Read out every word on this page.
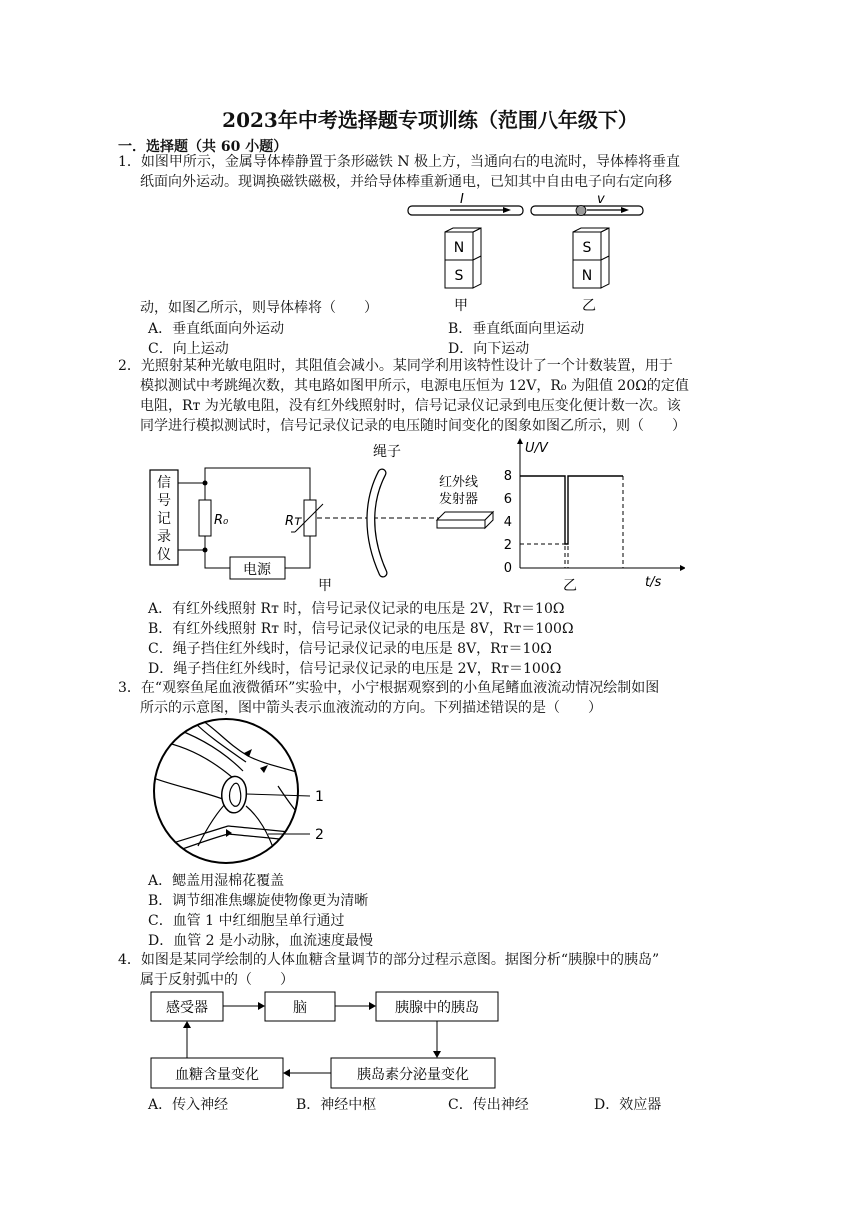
2023年中考选择题专项训练（范围八年级下）
一．选择题（共 60 小题）
1．如图甲所示，金属导体棒静置于条形磁铁 N 极上方，当通向右的电流时，导体棒将垂直
纸面向外运动。现调换磁铁磁极，并给导体棒重新通电，已知其中自由电子向右定向移
I	v
N
S
S
N
甲	乙
动，如图乙所示，则导体棒将（　　）
A．垂直纸面向外运动	B．垂直纸面向里运动
C．向上运动	D．向下运动
2．光照射某种光敏电阻时，其阻值会减小。某同学利用该特性设计了一个计数装置，用于
模拟测试中考跳绳次数，其电路如图甲所示，电源电压恒为 12V，R₀ 为阻值 20Ω的定值
电阻，Rᴛ 为光敏电阻，没有红外线照射时，信号记录仪记录到电压变化便计数一次。该
同学进行模拟测试时，信号记录仪记录的电压随时间变化的图象如图乙所示，则（　　）
信
号
记
录
仪
R₀	Rᴛ
电源
甲
绳子
红外线
发射器
U/V
t/s
8
6
4
2
0
乙
A．有红外线照射 Rᴛ 时，信号记录仪记录的电压是 2V，Rᴛ＝10Ω
B．有红外线照射 Rᴛ 时，信号记录仪记录的电压是 8V，Rᴛ＝100Ω
C．绳子挡住红外线时，信号记录仪记录的电压是 8V，Rᴛ＝10Ω
D．绳子挡住红外线时，信号记录仪记录的电压是 2V，Rᴛ＝100Ω
3．在“观察鱼尾血液微循环”实验中，小宁根据观察到的小鱼尾鳍血液流动情况绘制如图
所示的示意图，图中箭头表示血液流动的方向。下列描述错误的是（　　）
1
2
A．鳃盖用湿棉花覆盖
B．调节细准焦螺旋使物像更为清晰
C．血管 1 中红细胞呈单行通过
D．血管 2 是小动脉，血流速度最慢
4．如图是某同学绘制的人体血糖含量调节的部分过程示意图。据图分析“胰腺中的胰岛”
属于反射弧中的（　　）
感受器	脑	胰腺中的胰岛
胰岛素分泌量变化
血糖含量变化
A．传入神经	B．神经中枢	C．传出神经	D．效应器
